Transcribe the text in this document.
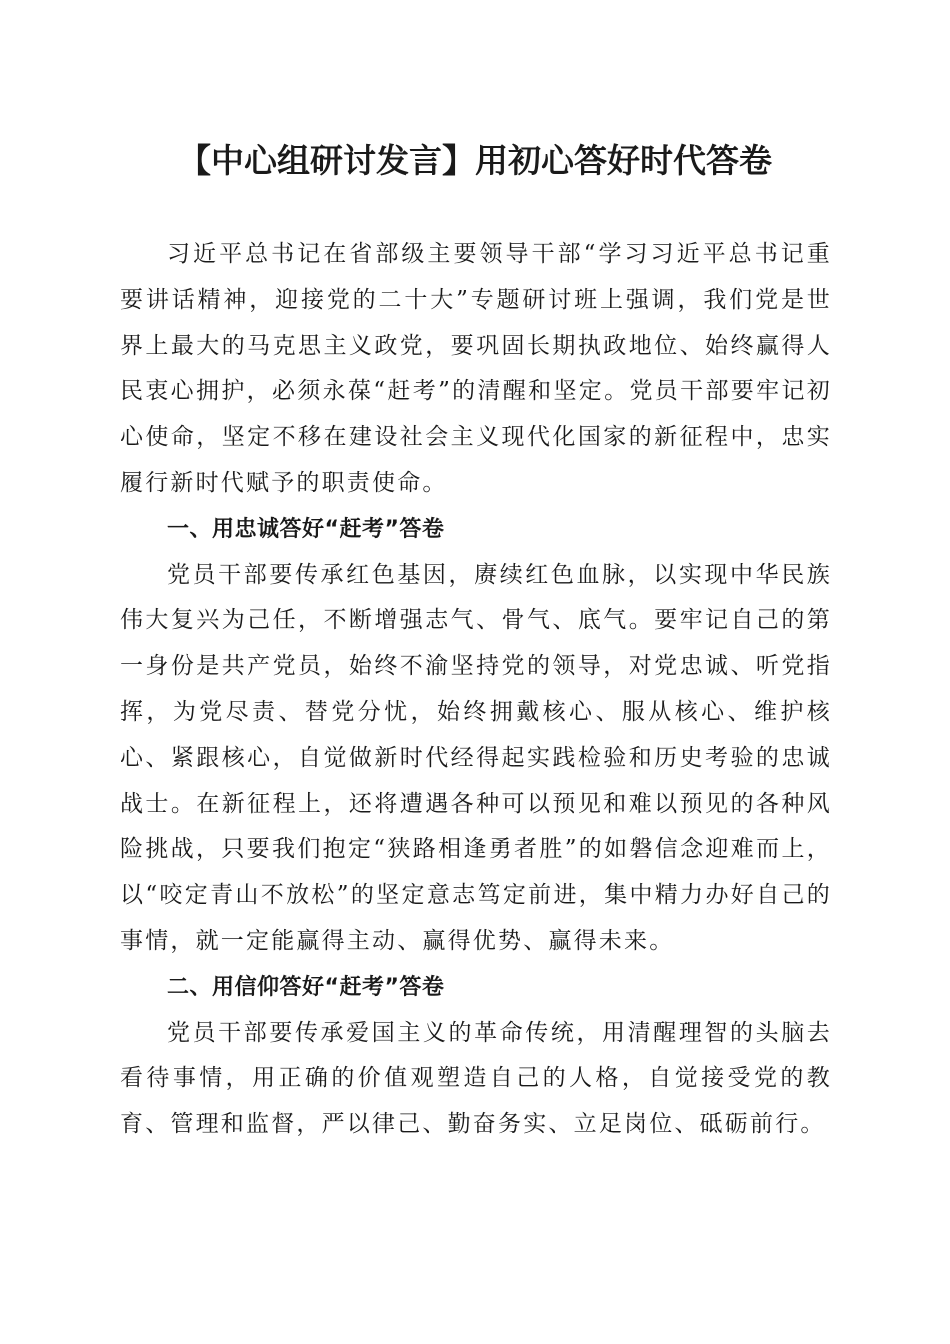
【中心组研讨发言】用初心答好时代答卷

习近平总书记在省部级主要领导干部“学习习近平总书记重要讲话精神，迎接党的二十大”专题研讨班上强调，我们党是世界上最大的马克思主义政党，要巩固长期执政地位、始终赢得人民衷心拥护，必须永葆“赶考”的清醒和坚定。党员干部要牢记初心使命，坚定不移在建设社会主义现代化国家的新征程中，忠实履行新时代赋予的职责使命。

一、用忠诚答好“赶考”答卷

党员干部要传承红色基因，赓续红色血脉，以实现中华民族伟大复兴为己任，不断增强志气、骨气、底气。要牢记自己的第一身份是共产党员，始终不渝坚持党的领导，对党忠诚、听党指挥，为党尽责、替党分忧，始终拥戴核心、服从核心、维护核心、紧跟核心，自觉做新时代经得起实践检验和历史考验的忠诚战士。在新征程上，还将遭遇各种可以预见和难以预见的各种风险挑战，只要我们抱定“狭路相逢勇者胜”的如磐信念迎难而上，以“咬定青山不放松”的坚定意志笃定前进，集中精力办好自己的事情，就一定能赢得主动、赢得优势、赢得未来。

二、用信仰答好“赶考”答卷

党员干部要传承爱国主义的革命传统，用清醒理智的头脑去看待事情，用正确的价值观塑造自己的人格，自觉接受党的教育、管理和监督，严以律己、勤奋务实、立足岗位、砥砺前行。
